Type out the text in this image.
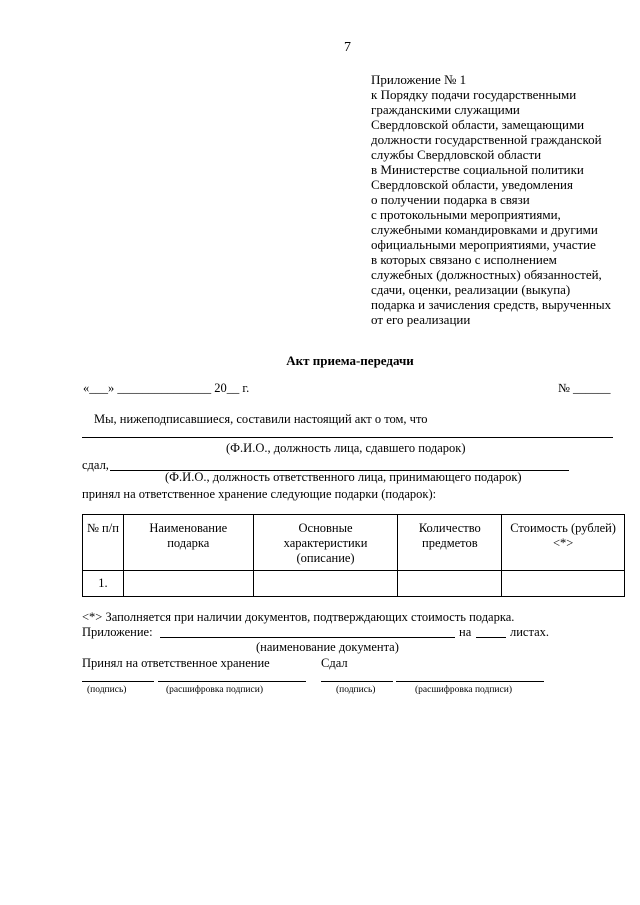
7
Приложение № 1
к Порядку подачи государственными
гражданскими служащими
Свердловской области, замещающими
должности государственной гражданской
службы Свердловской области
в Министерстве социальной политики
Свердловской области, уведомления
о получении подарка в связи
с протокольными мероприятиями,
служебными командировками и другими
официальными мероприятиями, участие
в которых связано с исполнением
служебных (должностных) обязанностей,
сдачи, оценки, реализации (выкупа)
подарка и зачисления средств, вырученных
от его реализации
Акт приема-передачи
«___» _______________ 20__ г.	№ ______
Мы, нижеподписавшиеся, составили настоящий акт о том, что
(Ф.И.О., должность лица, сдавшего подарок)
сдал,
(Ф.И.О., должность ответственного лица, принимающего подарок)
принял на ответственное хранение следующие подарки (подарок):
№ п/п	Наименование подарка	Основные характеристики (описание)	Количество предметов	Стоимость (рублей) <*>
1.				
<*> Заполняется при наличии документов, подтверждающих стоимость подарка.
Приложение:	на	листах.
(наименование документа)
Принял на ответственное хранение	Сдал
(подпись)	(расшифровка подписи)	(подпись)	(расшифровка подписи)
